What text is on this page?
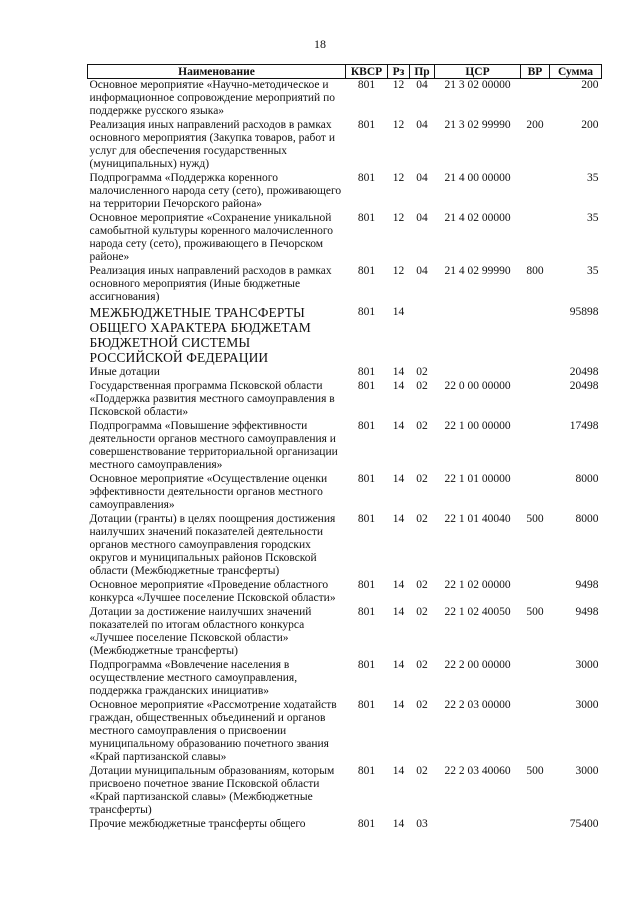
18
Наименование	КВСР	Рз	Пр	ЦСР	ВР	Сумма
Основное мероприятие «Научно-методическое и информационное сопровождение мероприятий по поддержке русского языка»	801	12	04	21 3 02 00000		200
Реализация иных направлений расходов в рамках основного мероприятия (Закупка товаров, работ и услуг для обеспечения государственных (муниципальных) нужд)	801	12	04	21 3 02 99990	200	200
Подпрограмма «Поддержка коренного малочисленного народа сету (сето), проживающего на территории Печорского района»	801	12	04	21 4 00 00000		35
Основное мероприятие «Сохранение уникальной самобытной культуры коренного малочисленного народа сету (сето), проживающего в Печорском районе»	801	12	04	21 4 02 00000		35
Реализация иных направлений расходов в рамках основного мероприятия (Иные бюджетные ассигнования)	801	12	04	21 4 02 99990	800	35
МЕЖБЮДЖЕТНЫЕ ТРАНСФЕРТЫ ОБЩЕГО ХАРАКТЕРА БЮДЖЕТАМ БЮДЖЕТНОЙ СИСТЕМЫ РОССИЙСКОЙ ФЕДЕРАЦИИ	801	14				95898
Иные дотации	801	14	02			20498
Государственная программа Псковской области «Поддержка развития местного самоуправления в Псковской области»	801	14	02	22 0 00 00000		20498
Подпрограмма «Повышение эффективности деятельности органов местного самоуправления и совершенствование территориальной организации местного самоуправления»	801	14	02	22 1 00 00000		17498
Основное мероприятие «Осуществление оценки эффективности деятельности органов местного самоуправления»	801	14	02	22 1 01 00000		8000
Дотации (гранты) в целях поощрения достижения наилучших значений показателей деятельности органов местного самоуправления городских округов и муниципальных районов Псковской области (Межбюджетные трансферты)	801	14	02	22 1 01 40040	500	8000
Основное мероприятие «Проведение областного конкурса «Лучшее поселение Псковской области»	801	14	02	22 1 02 00000		9498
Дотации за достижение наилучших значений показателей по итогам областного конкурса «Лучшее поселение Псковской области» (Межбюджетные трансферты)	801	14	02	22 1 02 40050	500	9498
Подпрограмма «Вовлечение населения в осуществление местного самоуправления, поддержка гражданских инициатив»	801	14	02	22 2 00 00000		3000
Основное мероприятие «Рассмотрение ходатайств граждан, общественных объединений и органов местного самоуправления о присвоении муниципальному образованию почетного звания «Край партизанской славы»	801	14	02	22 2 03 00000		3000
Дотации муниципальным образованиям, которым присвоено почетное звание Псковской области «Край партизанской славы» (Межбюджетные трансферты)	801	14	02	22 2 03 40060	500	3000
Прочие межбюджетные трансферты общего	801	14	03			75400
